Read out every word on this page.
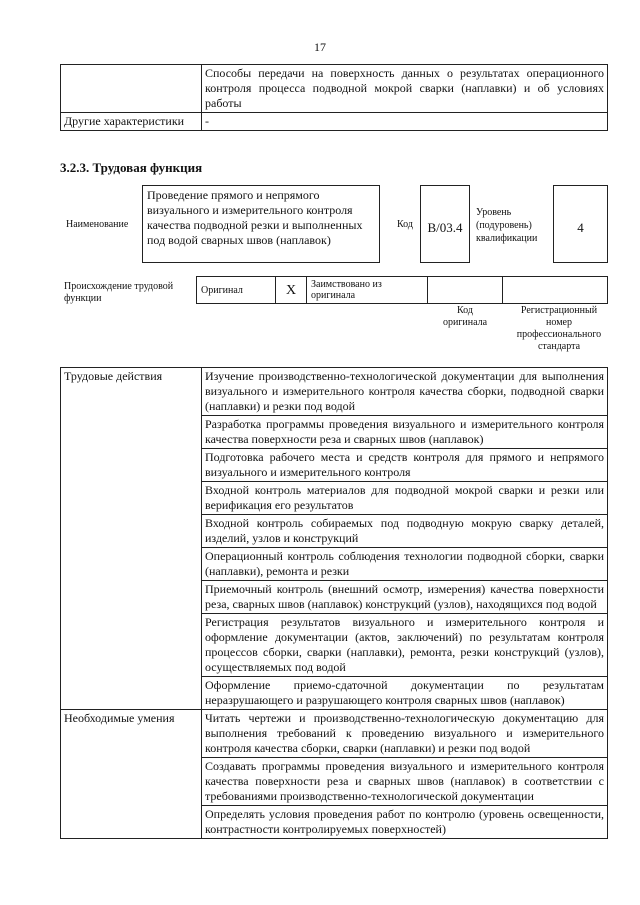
17
	Способы передачи на поверхность данных о результатах операционного контроля процесса подводной мокрой сварки (наплавки) и об условиях работы
Другие характеристики	-
3.2.3. Трудовая функция
Наименование
Проведение прямого и непрямого визуального и измерительного контроля качества подводной резки и выполненных под водой сварных швов (наплавок)
Код	B/03.4
Уровень (подуровень) квалификации
4
Происхождение трудовой функции
Оригинал	X	Заимствовано из оригинала		
Код оригинала
Регистрационный номер профессионального стандарта
Трудовые действия	Изучение производственно-технологической документации для выполнения визуального и измерительного контроля качества сборки, подводной сварки (наплавки) и резки под водой
	Разработка программы проведения визуального и измерительного контроля качества поверхности реза и сварных швов (наплавок)
	Подготовка рабочего места и средств контроля для прямого и непрямого визуального и измерительного контроля
	Входной контроль материалов для подводной мокрой сварки и резки или верификация его результатов
	Входной контроль собираемых под подводную мокрую сварку деталей, изделий, узлов и конструкций
	Операционный контроль соблюдения технологии подводной сборки, сварки (наплавки), ремонта и резки
	Приемочный контроль (внешний осмотр, измерения) качества поверхности реза, сварных швов (наплавок) конструкций (узлов), находящихся под водой
	Регистрация результатов визуального и измерительного контроля и оформление документации (актов, заключений) по результатам контроля процессов сборки, сварки (наплавки), ремонта, резки конструкций (узлов), осуществляемых под водой
	Оформление приемо-сдаточной документации по результатам неразрушающего и разрушающего контроля сварных швов (наплавок)
Необходимые умения	Читать чертежи и производственно-технологическую документацию для выполнения требований к проведению визуального и измерительного контроля качества сборки, сварки (наплавки) и резки под водой
	Создавать программы проведения визуального и измерительного контроля качества поверхности реза и сварных швов (наплавок) в соответствии с требованиями производственно-технологической документации
	Определять условия проведения работ по контролю (уровень освещенности, контрастности контролируемых поверхностей)
